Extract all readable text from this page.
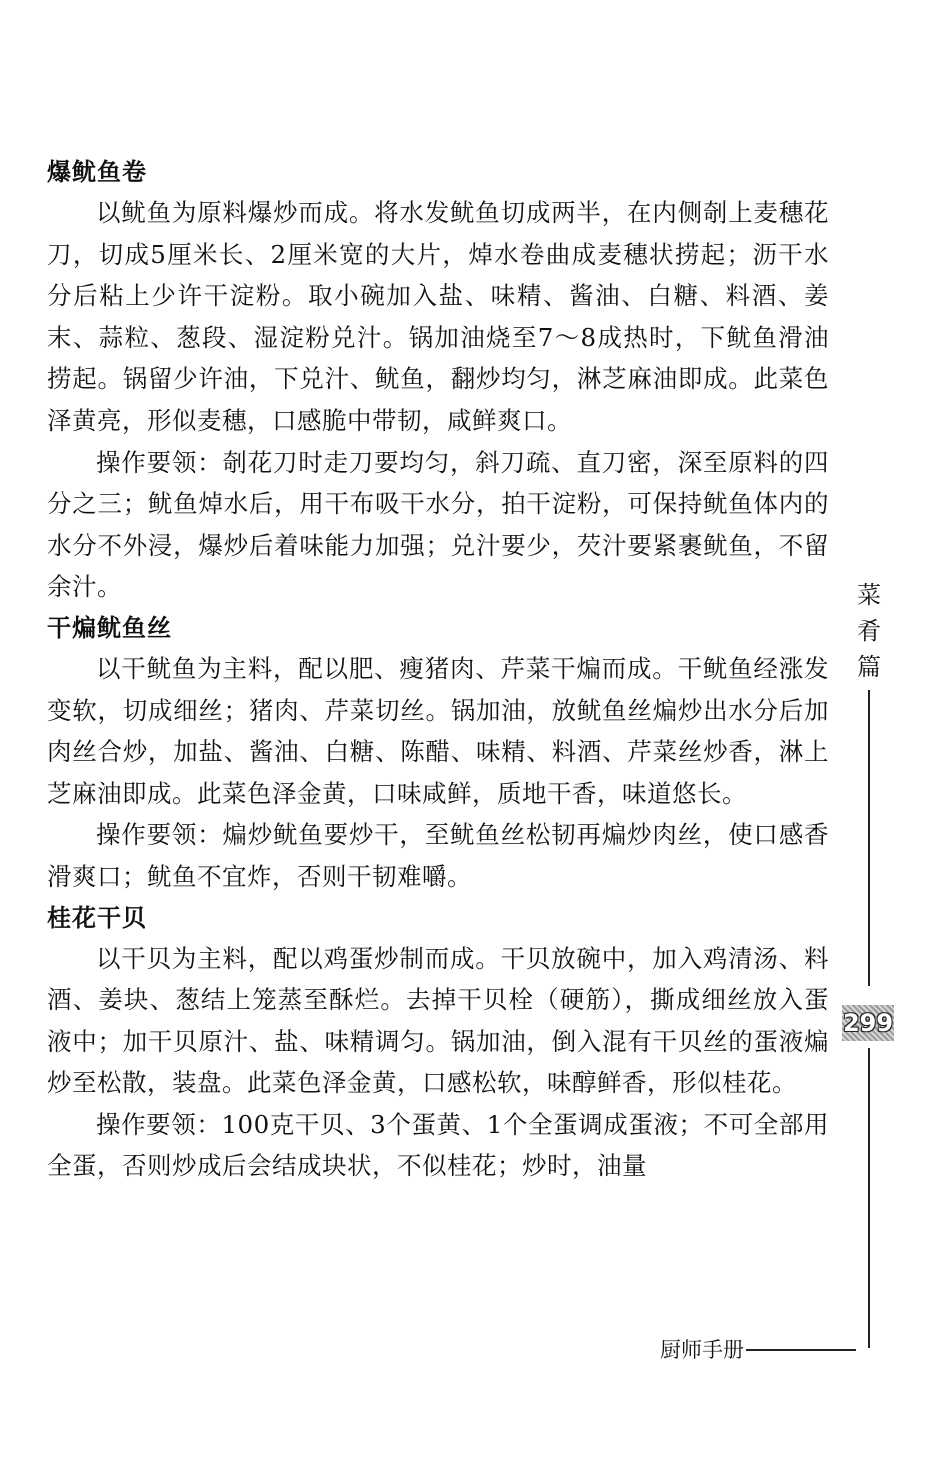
爆鱿鱼卷

以鱿鱼为原料爆炒而成。将水发鱿鱼切成两半，在内侧剞上麦穗花刀，切成5厘米长、2厘米宽的大片，焯水卷曲成麦穗状捞起；沥干水分后粘上少许干淀粉。取小碗加入盐、味精、酱油、白糖、料酒、姜末、蒜粒、葱段、湿淀粉兑汁。锅加油烧至7～8成热时，下鱿鱼滑油捞起。锅留少许油，下兑汁、鱿鱼，翻炒均匀，淋芝麻油即成。此菜色泽黄亮，形似麦穗，口感脆中带韧，咸鲜爽口。

操作要领：剞花刀时走刀要均匀，斜刀疏、直刀密，深至原料的四分之三；鱿鱼焯水后，用干布吸干水分，拍干淀粉，可保持鱿鱼体内的水分不外浸，爆炒后着味能力加强；兑汁要少，芡汁要紧裹鱿鱼，不留余汁。

干煸鱿鱼丝

以干鱿鱼为主料，配以肥、瘦猪肉、芹菜干煸而成。干鱿鱼经涨发变软，切成细丝；猪肉、芹菜切丝。锅加油，放鱿鱼丝煸炒出水分后加肉丝合炒，加盐、酱油、白糖、陈醋、味精、料酒、芹菜丝炒香，淋上芝麻油即成。此菜色泽金黄，口味咸鲜，质地干香，味道悠长。

操作要领：煸炒鱿鱼要炒干，至鱿鱼丝松韧再煸炒肉丝，使口感香滑爽口；鱿鱼不宜炸，否则干韧难嚼。

桂花干贝

以干贝为主料，配以鸡蛋炒制而成。干贝放碗中，加入鸡清汤、料酒、姜块、葱结上笼蒸至酥烂。去掉干贝栓（硬筋），撕成细丝放入蛋液中；加干贝原汁、盐、味精调匀。锅加油，倒入混有干贝丝的蛋液煸炒至松散，装盘。此菜色泽金黄，口感松软，味醇鲜香，形似桂花。

操作要领：100克干贝、3个蛋黄、1个全蛋调成蛋液；不可全部用全蛋，否则炒成后会结成块状，不似桂花；炒时，油量

菜
肴
篇
299
厨师手册
